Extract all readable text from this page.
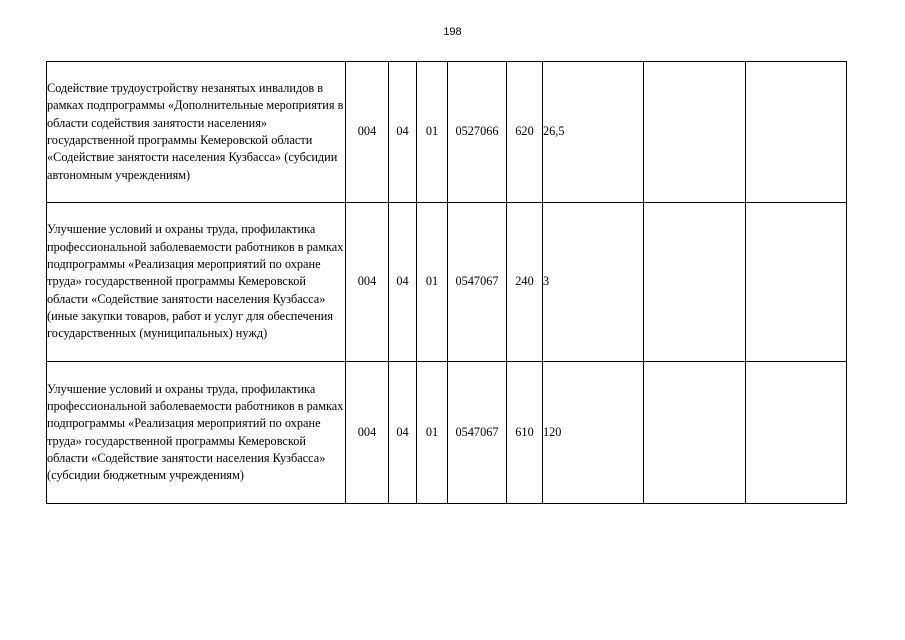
198
Содействие трудоустройству незанятых инвалидов в рамках подпрограммы «Дополнительные мероприятия в области содействия занятости населения» государственной программы Кемеровской области «Содействие занятости населения Кузбасса» (субсидии автономным учреждениям)	004	04	01	0527066	620	26,5		
Улучшение условий и охраны труда, профилактика профессиональной заболеваемости работников в рамках подпрограммы «Реализация мероприятий по охране труда» государственной программы Кемеровской области «Содействие занятости населения Кузбасса» (иные закупки товаров, работ и услуг для обеспечения государственных (муниципальных) нужд)	004	04	01	0547067	240	3		
Улучшение условий и охраны труда, профилактика профессиональной заболеваемости работников в рамках подпрограммы «Реализация мероприятий по охране труда» государственной программы Кемеровской области «Содействие занятости населения Кузбасса» (субсидии бюджетным учреждениям)	004	04	01	0547067	610	120		
